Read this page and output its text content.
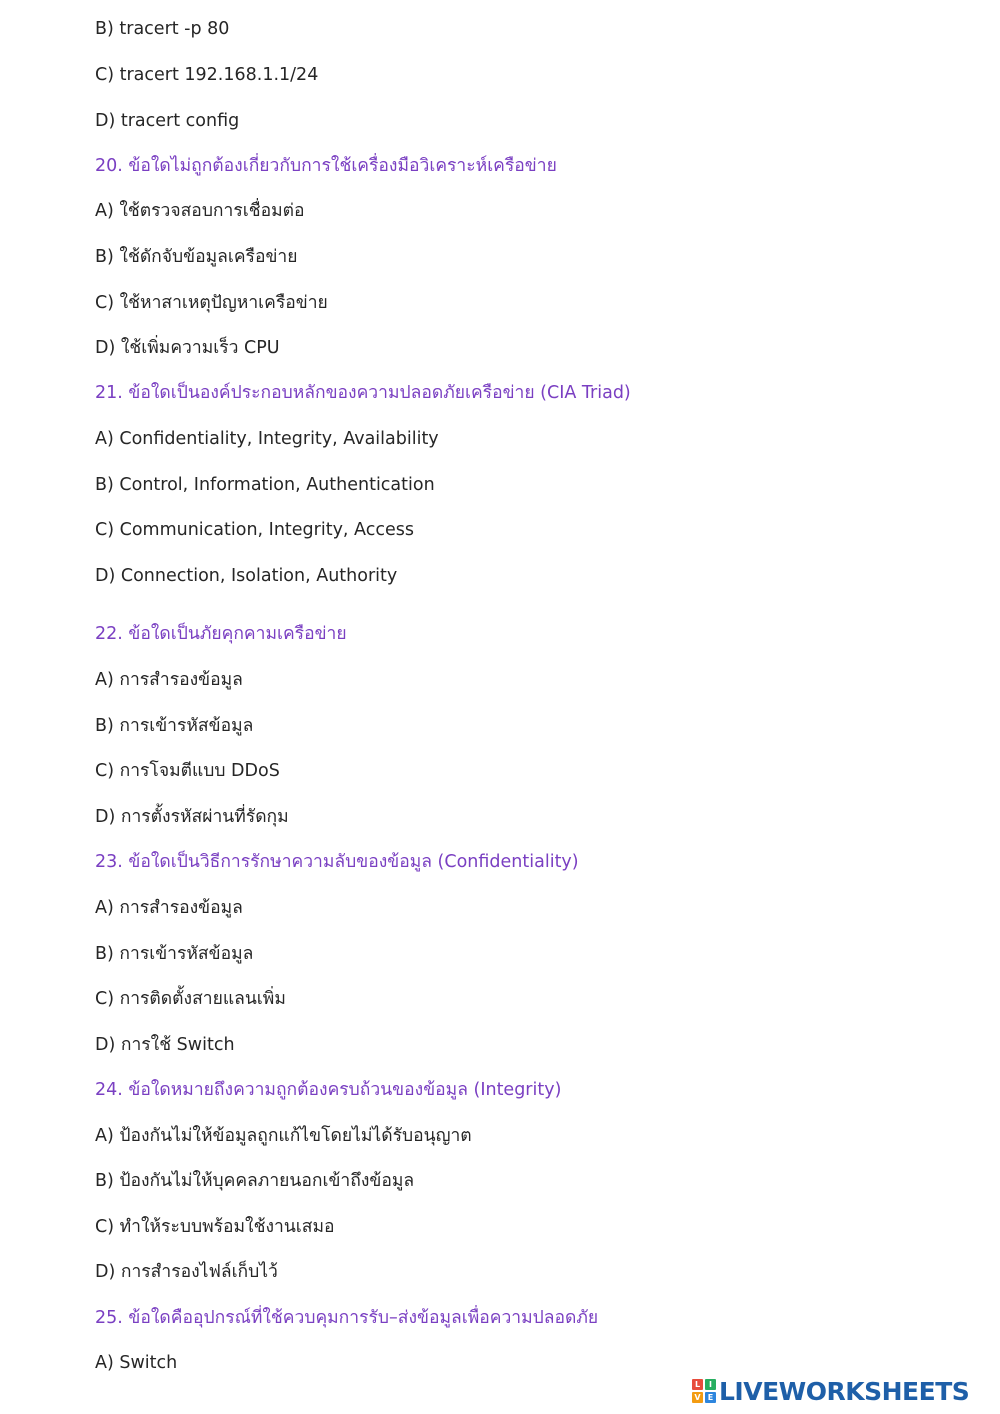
B) tracert -p 80
C) tracert 192.168.1.1/24
D) tracert config
20. ข้อใดไม่ถูกต้องเกี่ยวกับการใช้เครื่องมือวิเคราะห์เครือข่าย
A) ใช้ตรวจสอบการเชื่อมต่อ
B) ใช้ดักจับข้อมูลเครือข่าย
C) ใช้หาสาเหตุปัญหาเครือข่าย
D) ใช้เพิ่มความเร็ว CPU
21. ข้อใดเป็นองค์ประกอบหลักของความปลอดภัยเครือข่าย (CIA Triad)
A) Confidentiality, Integrity, Availability
B) Control, Information, Authentication
C) Communication, Integrity, Access
D) Connection, Isolation, Authority
22. ข้อใดเป็นภัยคุกคามเครือข่าย
A) การสำรองข้อมูล
B) การเข้ารหัสข้อมูล
C) การโจมตีแบบ DDoS
D) การตั้งรหัสผ่านที่รัดกุม
23. ข้อใดเป็นวิธีการรักษาความลับของข้อมูล (Confidentiality)
A) การสำรองข้อมูล
B) การเข้ารหัสข้อมูล
C) การติดตั้งสายแลนเพิ่ม
D) การใช้ Switch
24. ข้อใดหมายถึงความถูกต้องครบถ้วนของข้อมูล (Integrity)
A) ป้องกันไม่ให้ข้อมูลถูกแก้ไขโดยไม่ได้รับอนุญาต
B) ป้องกันไม่ให้บุคคลภายนอกเข้าถึงข้อมูล
C) ทำให้ระบบพร้อมใช้งานเสมอ
D) การสำรองไฟล์เก็บไว้
25. ข้อใดคืออุปกรณ์ที่ใช้ควบคุมการรับ–ส่งข้อมูลเพื่อความปลอดภัย
A) Switch
L	I
V E LIVEWORKSHEETS
